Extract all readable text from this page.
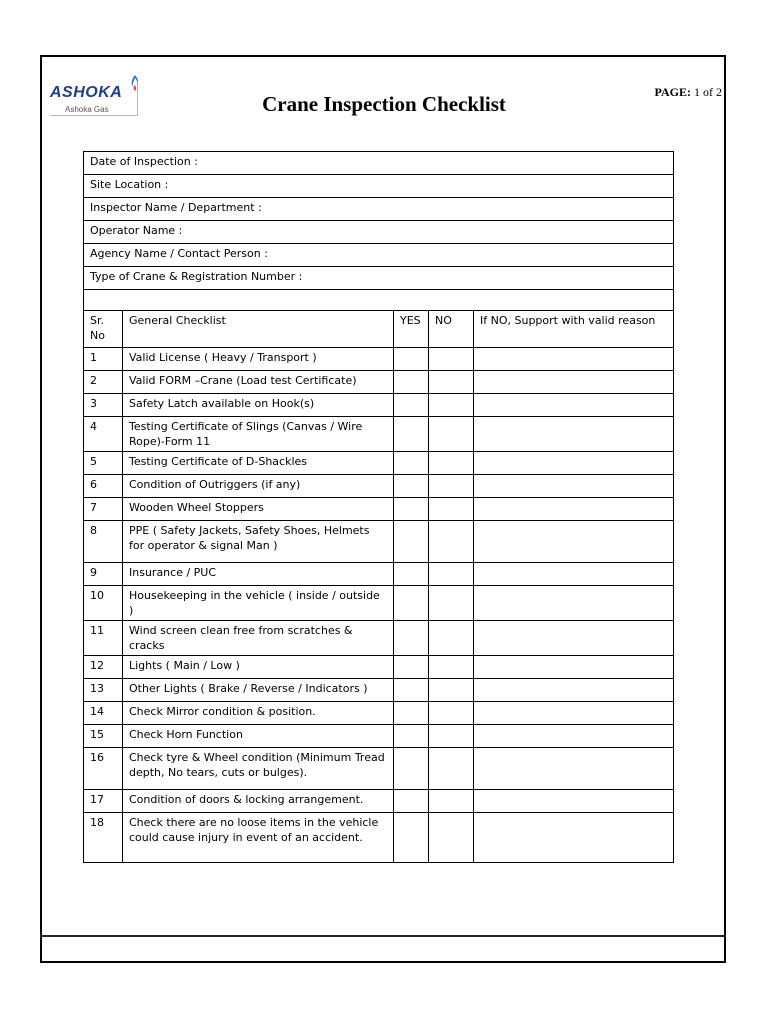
ASHOKA
Ashoka Gas	Crane Inspection Checklist	PAGE: 1 of 2
Date of Inspection :				
Site Location :				
Inspector Name / Department :				
Operator Name :				
Agency Name / Contact Person :				
Type of Crane & Registration Number :				

Sr. No	General Checklist	YES	NO	If NO, Support with valid reason
1	Valid License ( Heavy / Transport )			
2	Valid FORM –Crane (Load test Certificate)			
3	Safety Latch available on Hook(s)			
4	Testing Certificate of Slings (Canvas / Wire Rope)-Form 11			
5	Testing Certificate of D-Shackles			
6	Condition of Outriggers (if any)			
7	Wooden Wheel Stoppers			
8	PPE ( Safety Jackets, Safety Shoes, Helmets for operator & signal Man )			
9	Insurance / PUC			
10	Housekeeping in the vehicle ( inside / outside )			
11	Wind screen clean free from scratches & cracks			
12	Lights ( Main / Low )			
13	Other Lights ( Brake / Reverse / Indicators )			
14	Check Mirror condition & position.			
15	Check Horn Function			
16	Check tyre & Wheel condition (Minimum Tread depth, No tears, cuts or bulges).			
17	Condition of doors & locking arrangement.			
18	Check there are no loose items in the vehicle could cause injury in event of an accident.			
